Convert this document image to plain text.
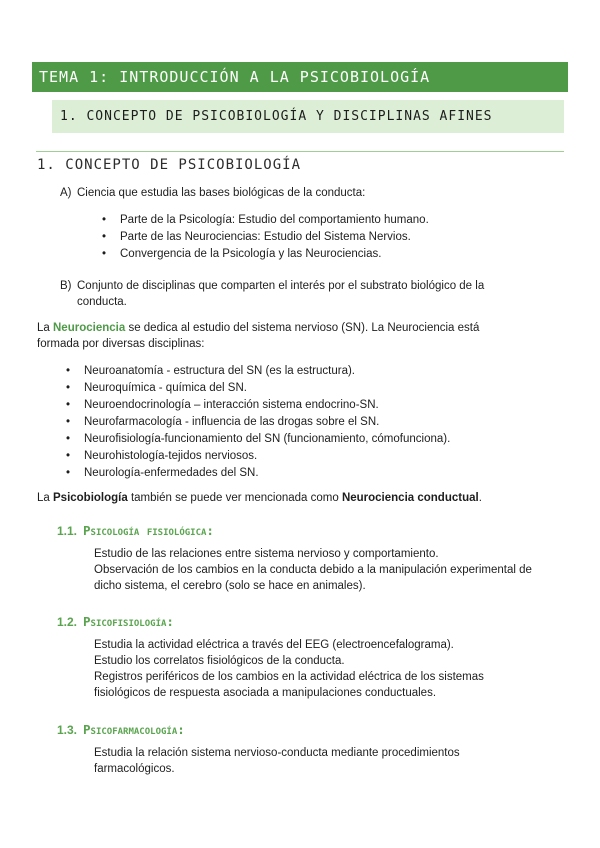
TEMA 1: INTRODUCCIÓN A LA PSICOBIOLOGÍA
1. CONCEPTO DE PSICOBIOLOGÍA Y DISCIPLINAS AFINES
1. CONCEPTO DE PSICOBIOLOGÍA
A) Ciencia que estudia las bases biológicas de la conducta:
• Parte de la Psicología: Estudio del comportamiento humano.
• Parte de las Neurociencias: Estudio del Sistema Nervios.
• Convergencia de la Psicología y las Neurociencias.
B) Conjunto de disciplinas que comparten el interés por el substrato biológico de la
conducta.
La Neurociencia se dedica al estudio del sistema nervioso (SN). La Neurociencia está
formada por diversas disciplinas:
• Neuroanatomía - estructura del SN (es la estructura).
• Neuroquímica - química del SN.
• Neuroendocrinología – interacción sistema endocrino-SN.
• Neurofarmacología - influencia de las drogas sobre el SN.
• Neurofisiología-funcionamiento del SN (funcionamiento, cómofunciona).
• Neurohistología-tejidos nerviosos.
• Neurología-enfermedades del SN.
La Psicobiología también se puede ver mencionada como Neurociencia conductual.
1.1. Psicología fisiológica:
Estudio de las relaciones entre sistema nervioso y comportamiento.
Observación de los cambios en la conducta debido a la manipulación experimental de
dicho sistema, el cerebro (solo se hace en animales).
1.2. Psicofisiología:
Estudia la actividad eléctrica a través del EEG (electroencefalograma).
Estudio los correlatos fisiológicos de la conducta.
Registros periféricos de los cambios en la actividad eléctrica de los sistemas
fisiológicos de respuesta asociada a manipulaciones conductuales.
1.3. Psicofarmacología:
Estudia la relación sistema nervioso-conducta mediante procedimientos
farmacológicos.
